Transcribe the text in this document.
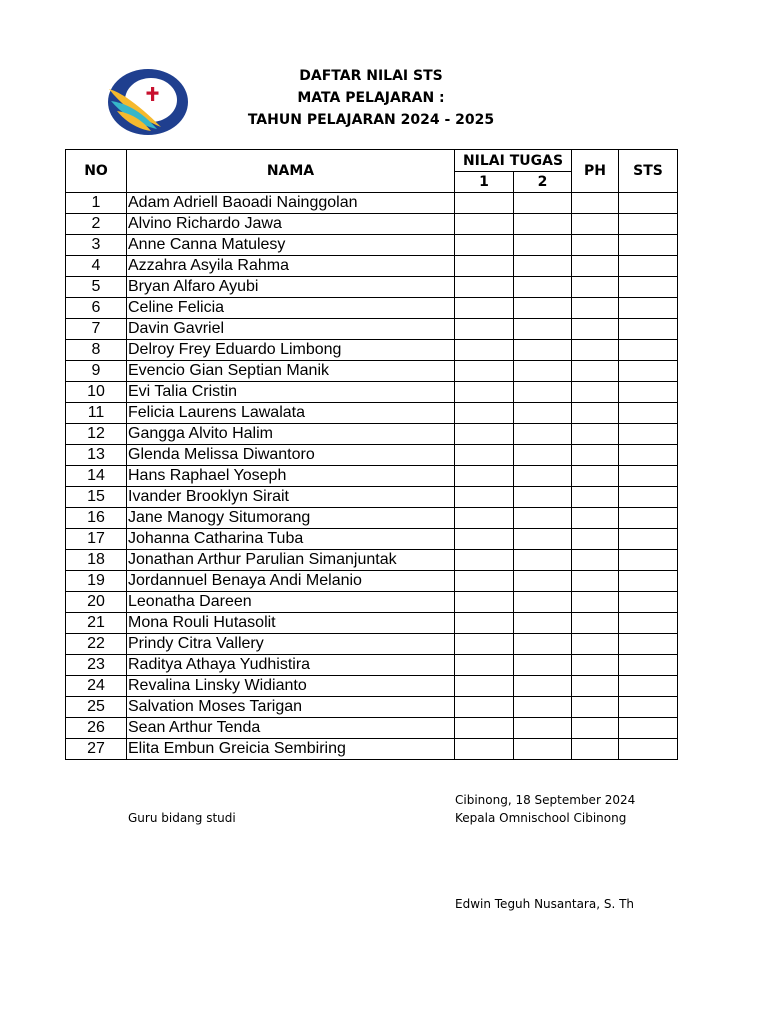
DAFTAR NILAI STS
MATA PELAJARAN :
TAHUN PELAJARAN 2024 - 2025
NO	NAMA	NILAI TUGAS		PH	STS
		1	2		
1	Adam Adriell Baoadi Nainggolan				
2	Alvino Richardo Jawa				
3	Anne Canna Matulesy				
4	Azzahra Asyila Rahma				
5	Bryan Alfaro Ayubi				
6	Celine Felicia				
7	Davin Gavriel				
8	Delroy Frey Eduardo Limbong				
9	Evencio Gian Septian Manik				
10	Evi Talia Cristin				
11	Felicia Laurens Lawalata				
12	Gangga Alvito Halim				
13	Glenda Melissa Diwantoro				
14	Hans Raphael Yoseph				
15	Ivander Brooklyn Sirait				
16	Jane Manogy Situmorang				
17	Johanna Catharina Tuba				
18	Jonathan Arthur Parulian Simanjuntak				
19	Jordannuel Benaya Andi Melanio				
20	Leonatha Dareen				
21	Mona Rouli Hutasolit				
22	Prindy Citra Vallery				
23	Raditya Athaya Yudhistira				
24	Revalina Linsky Widianto				
25	Salvation Moses Tarigan				
26	Sean Arthur Tenda				
27	Elita Embun Greicia Sembiring				
Cibinong, 18 September 2024
Guru bidang studi	Kepala Omnischool Cibinong
Edwin Teguh Nusantara, S. Th
